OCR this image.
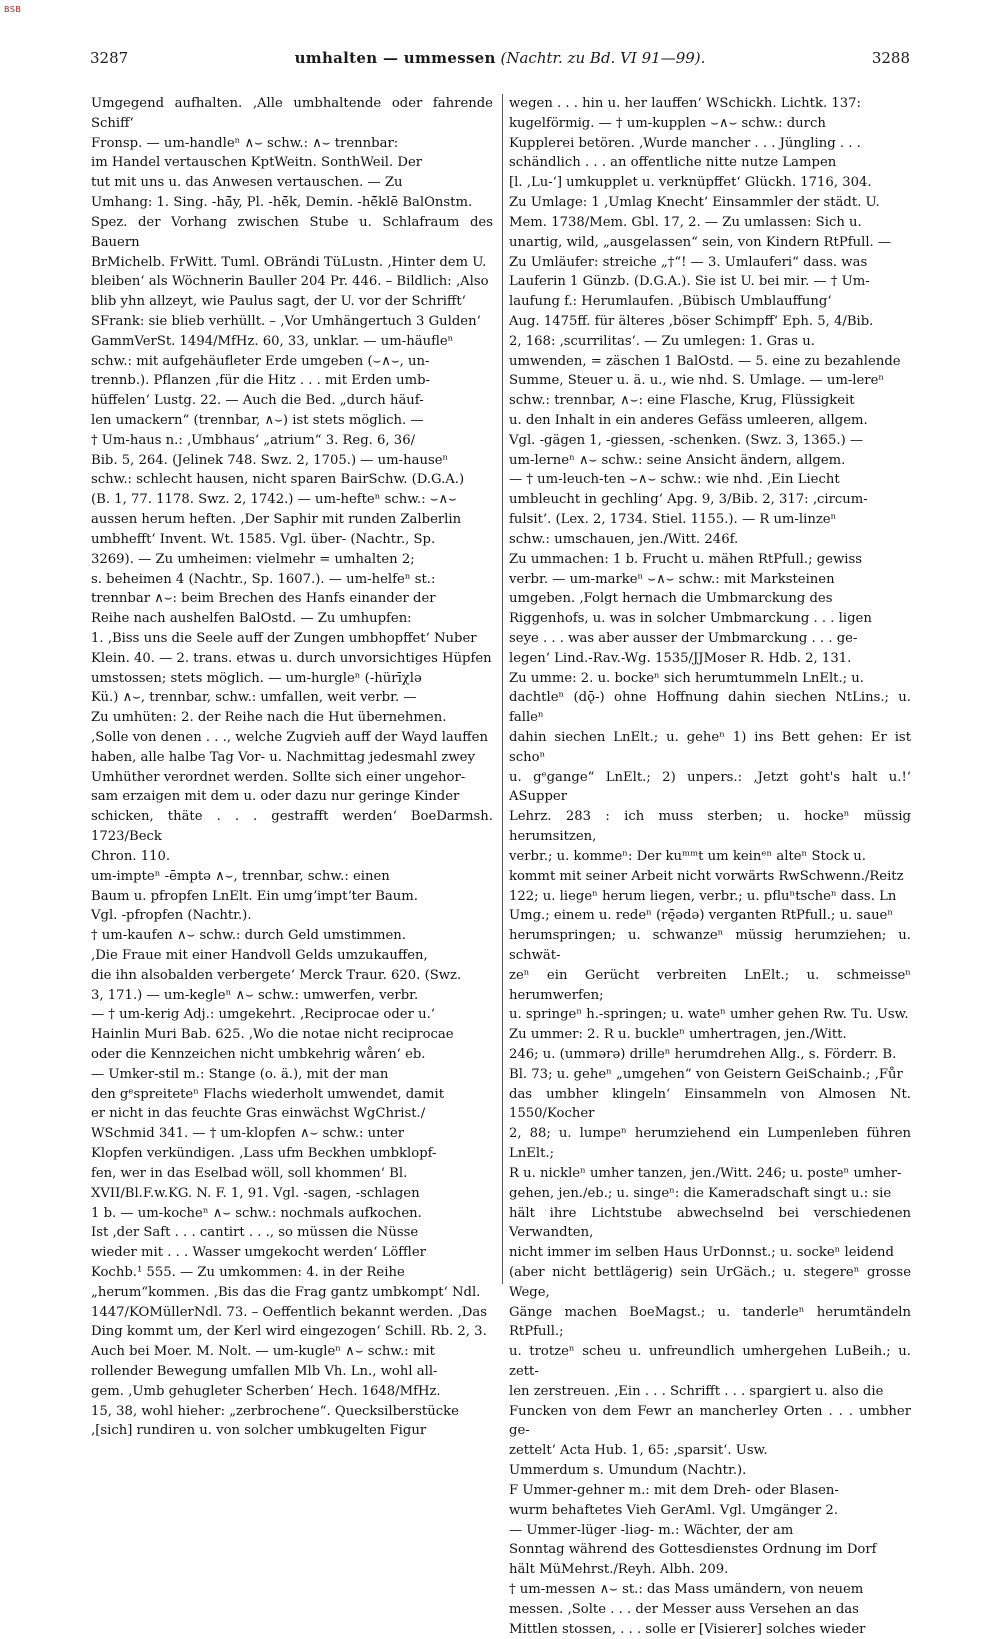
BSB
3287	umhalten — ummessen (Nachtr. zu Bd. VI 91—99).	3288

Umgegend aufhalten. ‚Alle umbhaltende oder fahrende Schiff‘

Fronsp. — um-handleⁿ ∧⌣ schw.: ∧⌣ trennbar:

im Handel vertauschen KptWeitn. SonthWeil. Der

tut mit uns u. das Anwesen vertauschen. — Zu

Umhang: 1. Sing. -hā̆y, Pl. -hē̆k, Demin. -hē̆klē BalOnstm.

Spez. der Vorhang zwischen Stube u. Schlafraum des Bauern

BrMichelb. FrWitt. Tuml. OBrändi TüLustn. ‚Hinter dem U.

bleiben‘ als Wöchnerin Bauller 204 Pr. 446. – Bildlich: ‚Also

blib yhn allzeyt, wie Paulus sagt, der U. vor der Schrifft‘

SFrank: sie blieb verhüllt. – ‚Vor Umhängertuch 3 Gulden‘

GammVerSt. 1494/MfHz. 60, 33, unklar. — um-häufleⁿ

schw.: mit aufgehäufleter Erde umgeben (⌣∧⌣, un-

trennb.). Pflanzen ‚für die Hitz . . . mit Erden umb-

hüffelen‘ Lustg. 22. — Auch die Bed. „durch häuf-

len umackern“ (trennbar, ∧⌣) ist stets möglich. —

† Um-haus n.: ‚Umbhaus‘ „atrium“ 3. Reg. 6, 36/

Bib. 5, 264. (Jelinek 748. Swz. 2, 1705.) — um-hauseⁿ

schw.: schlecht hausen, nicht sparen BairSchw. (D.G.A.)

(B. 1, 77. 1178. Swz. 2, 1742.) — um-hefteⁿ schw.: ⌣∧⌣

aussen herum heften. ‚Der Saphir mit runden Zalberlin

umbhefft‘ Invent. Wt. 1585. Vgl. über- (Nachtr., Sp.

3269). — Zu umheimen: vielmehr = umhalten 2;

s. beheimen 4 (Nachtr., Sp. 1607.). — um-helfeⁿ st.:

trennbar ∧⌣: beim Brechen des Hanfs einander der

Reihe nach aushelfen BalOstd. — Zu umhupfen:

1. ‚Biss uns die Seele auff der Zungen umbhopffet‘ Nuber

Klein. 40. — 2. trans. etwas u. durch unvorsichtiges Hüpfen

umstossen; stets möglich. — um-hurgleⁿ (-hürīχlə

Kü.) ∧⌣, trennbar, schw.: umfallen, weit verbr. —

Zu umhüten: 2. der Reihe nach die Hut übernehmen.

‚Solle von denen . . ., welche Zugvieh auff der Wayd lauffen

haben, alle halbe Tag Vor- u. Nachmittag jedesmahl zwey

Umhüther verordnet werden. Sollte sich einer ungehor-

sam erzaigen mit dem u. oder dazu nur geringe Kinder

schicken, thäte . . . gestrafft werden‘ BoeDarmsh. 1723/Beck

Chron. 110.

um-impteⁿ -ēmptə ∧⌣, trennbar, schw.: einen

Baum u. pfropfen LnElt. Ein umgʼimptʼter Baum.

Vgl. -pfropfen (Nachtr.).

† um-kaufen ∧⌣ schw.: durch Geld umstimmen.

‚Die Fraue mit einer Handvoll Gelds umzukauffen,

die ihn alsobalden verbergete‘ Merck Traur. 620. (Swz.

3, 171.) — um-kegleⁿ ∧⌣ schw.: umwerfen, verbr.

— † um-kerig Adj.: umgekehrt. ‚Reciprocae oder u.‘

Hainlin Muri Bab. 625. ‚Wo die notae nicht reciprocae

oder die Kennzeichen nicht umbkehrig wåren‘ eb.

— Umker-stil m.: Stange (o. ä.), mit der man

den gᵉspreiteteⁿ Flachs wiederholt umwendet, damit

er nicht in das feuchte Gras einwächst WgChrist./

WSchmid 341. — † um-klopfen ∧⌣ schw.: unter

Klopfen verkündigen. ‚Lass ufm Beckhen umbklopf-

fen, wer in das Eselbad wöll, soll khommen‘ Bl.

XVII/Bl.F.w.KG. N. F. 1, 91. Vgl. -sagen, -schlagen

1 b. — um-kocheⁿ ∧⌣ schw.: nochmals aufkochen.

Ist ‚der Saft . . . cantirt . . ., so müssen die Nüsse

wieder mit . . . Wasser umgekocht werden‘ Löffler

Kochb.¹ 555. — Zu umkommen: 4. in der Reihe

„herum“kommen. ‚Bis das die Frag gantz umbkompt‘ Ndl.

1447/KOMüllerNdl. 73. – Oeffentlich bekannt werden. ‚Das

Ding kommt um, der Kerl wird eingezogen‘ Schill. Rb. 2, 3.

Auch bei Moer. M. Nolt. — um-kugleⁿ ∧⌣ schw.: mit

rollender Bewegung umfallen Mlb Vh. Ln., wohl all-

gem. ‚Umb gehugleter Scherben‘ Hech. 1648/MfHz.

15, 38, wohl hieher: „zerbrochene“. Quecksilberstücke

‚[sich] rundiren u. von solcher umbkugelten Figur

wegen . . . hin u. her lauffen‘ WSchickh. Lichtk. 137:

kugelförmig. — † um-kupplen ⌣∧⌣ schw.: durch

Kupplerei betören. ‚Wurde mancher . . . Jüngling . . .

schändlich . . . an offentliche nitte nutze Lampen

[l. ‚Lu-‘] umkupplet u. verknüpffet‘ Glückh. 1716, 304.

Zu Umlage: 1 ‚Umlag Knecht‘ Einsammler der städt. U.

Mem. 1738/Mem. Gbl. 17, 2. — Zu umlassen: Sich u.

unartig, wild, „ausgelassen“ sein, von Kindern RtPfull. —

Zu Umläufer: streiche „†“! — 3. Umlauferi“ dass. was

Lauferin 1 Günzb. (D.G.A.). Sie ist U. bei mir. — † Um-

laufung f.: Herumlaufen. ‚Bübisch Umblauffung‘

Aug. 1475ff. für älteres ‚böser Schimpff‘ Eph. 5, 4/Bib.

2, 168: ‚scurrilitas‘. — Zu umlegen: 1. Gras u.

umwenden, = zäschen 1 BalOstd. — 5. eine zu bezahlende

Summe, Steuer u. ä. u., wie nhd. S. Umlage. — um-lereⁿ

schw.: trennbar, ∧⌣: eine Flasche, Krug, Flüssigkeit

u. den Inhalt in ein anderes Gefäss umleeren, allgem.

Vgl. -gägen 1, -giessen, -schenken. (Swz. 3, 1365.) —

um-lerneⁿ ∧⌣ schw.: seine Ansicht ändern, allgem.

— † um-leuch-ten ⌣∧⌣ schw.: wie nhd. ‚Ein Liecht

umbleucht in gechling‘ Apg. 9, 3/Bib. 2, 317: ‚circum-

fulsit‘. (Lex. 2, 1734. Stiel. 1155.). — R um-linzeⁿ

schw.: umschauen, jen./Witt. 246f.

Zu ummachen: 1 b. Frucht u. mähen RtPfull.; gewiss

verbr. — um-markeⁿ ⌣∧⌣ schw.: mit Marksteinen

umgeben. ‚Folgt hernach die Umbmarckung des

Riggenhofs, u. was in solcher Umbmarckung . . . ligen

seye . . . was aber ausser der Umbmarckung . . . ge-

legen‘ Lind.-Rav.-Wg. 1535/JJMoser R. Hdb. 2, 131.

Zu umme: 2. u. bockeⁿ sich herumtummeln LnElt.; u.

dachtleⁿ (dǭ-) ohne Hoffnung dahin siechen NtLins.; u. falleⁿ

dahin siechen LnElt.; u. geheⁿ 1) ins Bett gehen: Er ist schoⁿ

u. gᵉgange“ LnElt.; 2) unpers.: ‚Jetzt goht's halt u.!‘ ASupper

Lehrz. 283 : ich muss sterben; u. hockeⁿ müssig herumsitzen,

verbr.; u. kommeⁿ: Der kuᵐᵐt um keinᵉⁿ alteⁿ Stock u.

kommt mit seiner Arbeit nicht vorwärts RwSchwenn./Reitz

122; u. liegeⁿ herum liegen, verbr.; u. pfluⁿtscheⁿ dass. Ln

Umg.; einem u. redeⁿ (rę̄ədə) verganten RtPfull.; u. saueⁿ

herumspringen; u. schwanzeⁿ müssig herumziehen; u. schwät-

zeⁿ ein Gerücht verbreiten LnElt.; u. schmeisseⁿ herumwerfen;

u. springeⁿ h.-springen; u. wateⁿ umher gehen Rw. Tu. Usw.

Zu ummer: 2. R u. buckleⁿ umhertragen, jen./Witt.

246; u. (ummərə) drilleⁿ herumdrehen Allg., s. Förderr. B.

Bl. 73; u. geheⁿ „umgehen“ von Geistern GeiSchainb.; ‚Fůr

das umbher klingeln‘ Einsammeln von Almosen Nt. 1550/Kocher

2, 88; u. lumpeⁿ herumziehend ein Lumpenleben führen LnElt.;

R u. nickleⁿ umher tanzen, jen./Witt. 246; u. posteⁿ umher-

gehen, jen./eb.; u. singeⁿ: die Kameradschaft singt u.: sie

hält ihre Lichtstube abwechselnd bei verschiedenen Verwandten,

nicht immer im selben Haus UrDonnst.; u. sockeⁿ leidend

(aber nicht bettlägerig) sein UrGäch.; u. stegereⁿ grosse Wege,

Gänge machen BoeMagst.; u. tanderleⁿ herumtändeln RtPfull.;

u. trotzeⁿ scheu u. unfreundlich umhergehen LuBeih.; u. zett-

len zerstreuen. ‚Ein . . . Schrifft . . . spargiert u. also die

Funcken von dem Fewr an mancherley Orten . . . umbher ge-

zettelt‘ Acta Hub. 1, 65: ‚sparsit‘. Usw.

Ummerdum s. Umundum (Nachtr.).

F Ummer-gehner m.: mit dem Dreh- oder Blasen-

wurm behaftetes Vieh GerAml. Vgl. Umgänger 2.

— Ummer-lüger -liəg- m.: Wächter, der am

Sonntag während des Gottesdienstes Ordnung im Dorf

hält MüMehrst./Reyh. Albh. 209.

† um-messen ∧⌣ st.: das Mass umändern, von neuem

messen. ‚Solte . . . der Messer auss Versehen an das

Mittlen stossen, . . . solle er [Visierer] solches wieder
